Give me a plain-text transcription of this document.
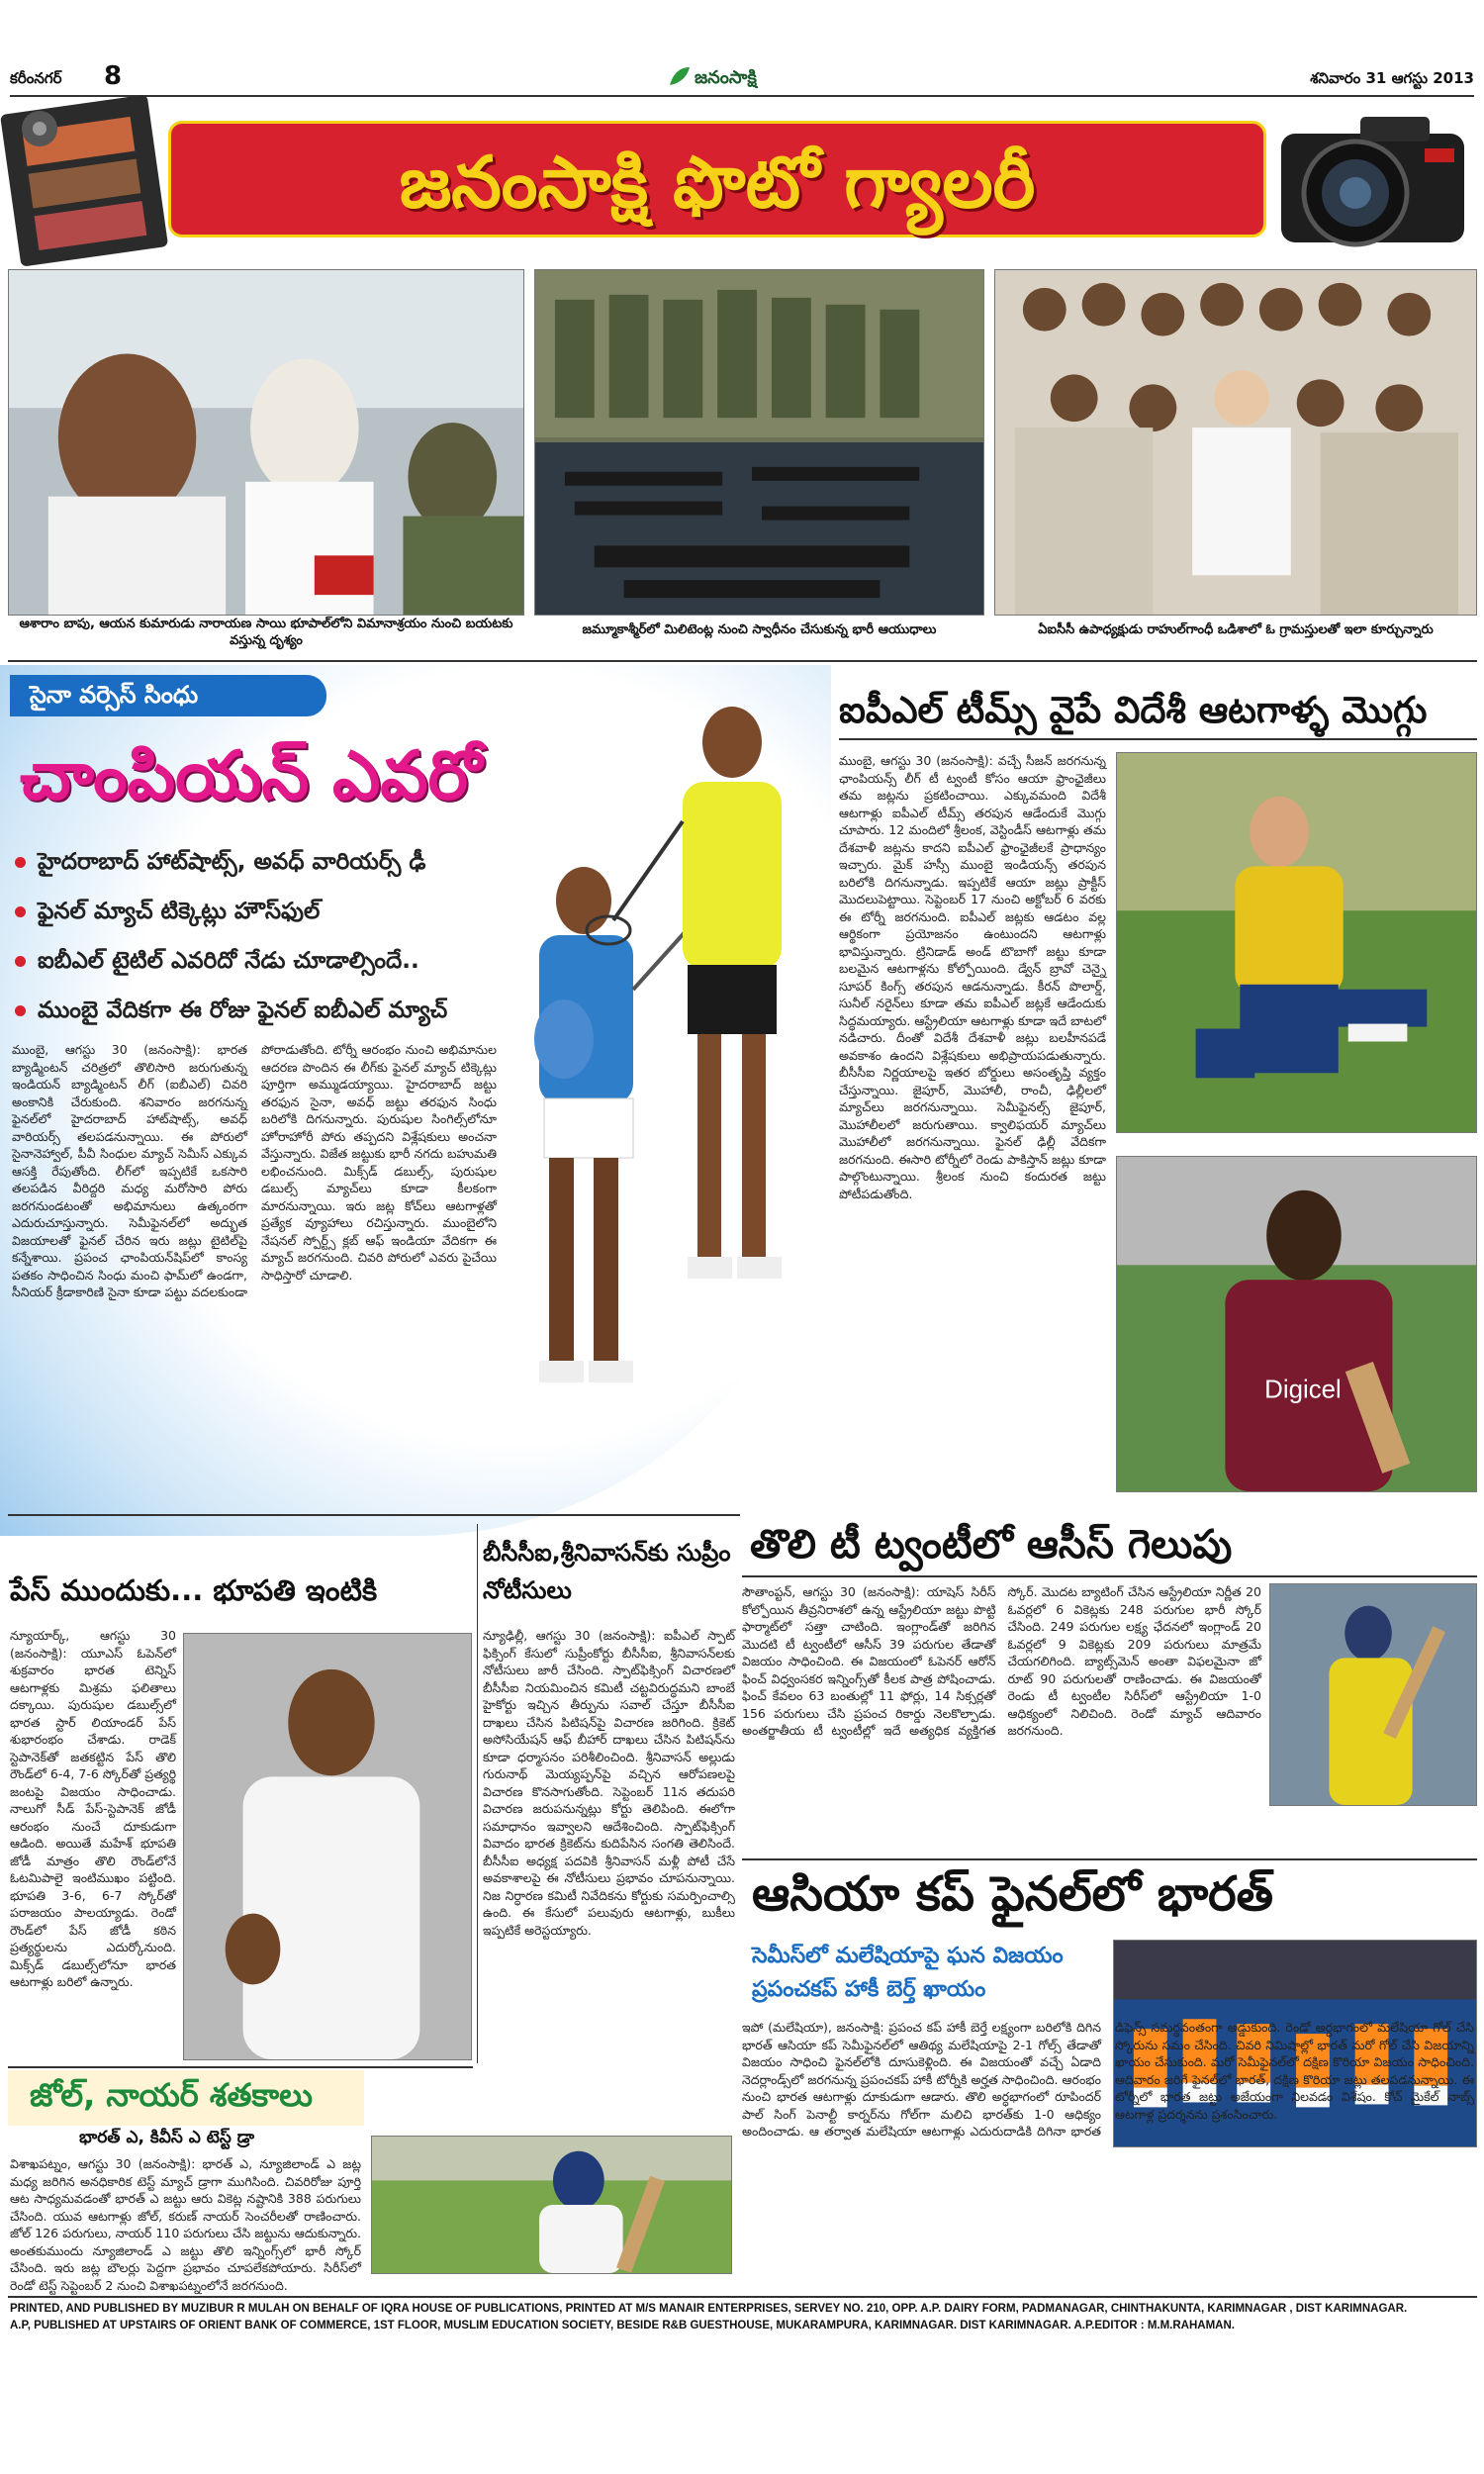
కరీంనగర్ 8	జనంసాక్షి	శనివారం 31 ఆగస్టు 2013
జనంసాక్షి ఫొటో గ్యాలరీ
ఆశారాం బాపు, ఆయన కుమారుడు నారాయణ సాయి భూపాల్‌లోని విమానాశ్రయం నుంచి బయటకు వస్తున్న దృశ్యం
జమ్మూకాశ్మీర్‌లో మిలిటెంట్ల నుంచి స్వాధీనం చేసుకున్న భారీ ఆయుధాలు	ఏఐసీసీ ఉపాధ్యక్షుడు రాహుల్‌గాంధీ ఒడిశాలో ఓ గ్రామస్తులతో ఇలా కూర్చున్నారు
సైనా వర్సెస్ సింధు
చాంపియన్ ఎవరో
హైదరాబాద్ హాట్‌షాట్స్, అవధ్ వారియర్స్ ఢీ
ఫైనల్ మ్యాచ్ టిక్కెట్లు హౌస్‌ఫుల్
ఐబీఎల్ టైటిల్ ఎవరిదో నేడు చూడాల్సిందే..
ముంబై వేదికగా ఈ రోజు ఫైనల్ ఐబీఎల్ మ్యాచ్
ముంబై, ఆగస్టు 30 (జనంసాక్షి): భారత బ్యాడ్మింటన్ చరిత్రలో తొలిసారి జరుగుతున్న ఇండియన్ బ్యాడ్మింటన్ లీగ్ (ఐబీఎల్) చివరి అంకానికి చేరుకుంది. శనివారం జరగనున్న ఫైనల్‌లో హైదరాబాద్ హాట్‌షాట్స్, అవధ్ వారియర్స్ తలపడనున్నాయి. ఈ పోరులో సైనానెహ్వాల్, పీవీ సింధుల మ్యాచ్ సెమీస్ ఎక్కువ ఆసక్తి రేపుతోంది. లీగ్‌లో ఇప్పటికే ఒకసారి తలపడిన వీరిద్దరి మధ్య మరోసారి పోరు జరగనుండటంతో అభిమానులు ఉత్కంఠగా ఎదురుచూస్తున్నారు. సెమీఫైనల్‌లో అద్భుత విజయాలతో ఫైనల్ చేరిన ఇరు జట్లు టైటిల్‌పై కన్నేశాయి. ప్రపంచ ఛాంపియన్‌షిప్‌లో కాంస్య పతకం సాధించిన సింధు మంచి ఫామ్‌లో ఉండగా, సీనియర్ క్రీడాకారిణి సైనా కూడా పట్టు వదలకుండా పోరాడుతోంది. టోర్నీ ఆరంభం నుంచి అభిమానుల ఆదరణ పొందిన ఈ లీగ్‌కు ఫైనల్ మ్యాచ్ టిక్కెట్లు పూర్తిగా అమ్ముడయ్యాయి. హైదరాబాద్ జట్టు తరఫున సైనా, అవధ్ జట్టు తరఫున సింధు బరిలోకి దిగనున్నారు. పురుషుల సింగిల్స్‌లోనూ హోరాహోరీ పోరు తప్పదని విశ్లేషకులు అంచనా వేస్తున్నారు. విజేత జట్టుకు భారీ నగదు బహుమతి లభించనుంది. మిక్స్‌డ్ డబుల్స్, పురుషుల డబుల్స్ మ్యాచ్‌లు కూడా కీలకంగా మారనున్నాయి. ఇరు జట్ల కోచ్‌లు ఆటగాళ్లతో ప్రత్యేక వ్యూహాలు రచిస్తున్నారు. ముంబైలోని నేషనల్ స్పోర్ట్స్ క్లబ్ ఆఫ్ ఇండియా వేదికగా ఈ మ్యాచ్ జరగనుంది. చివరి పోరులో ఎవరు పైచేయి సాధిస్తారో చూడాలి.
ఐపీఎల్ టీమ్స్ వైపే విదేశీ ఆటగాళ్ళ మొగ్గు
ముంబై, ఆగస్టు 30 (జనంసాక్షి): వచ్చే సీజన్ జరగనున్న ఛాంపియన్స్ లీగ్ టీ ట్వంటీ కోసం ఆయా ఫ్రాంఛైజీలు తమ జట్లను ప్రకటించాయి. ఎక్కువమంది విదేశీ ఆటగాళ్లు ఐపీఎల్ టీమ్స్ తరపున ఆడేందుకే మొగ్గు చూపారు. 12 మందిలో శ్రీలంక, వెస్టిండీస్ ఆటగాళ్లు తమ దేశవాళీ జట్లను కాదని ఐపీఎల్ ఫ్రాంఛైజీలకే ప్రాధాన్యం ఇచ్చారు. మైక్ హస్సీ ముంబై ఇండియన్స్ తరపున బరిలోకి దిగనున్నాడు. ఇప్పటికే ఆయా జట్లు ప్రాక్టీస్ మొదలుపెట్టాయి. సెప్టెంబర్ 17 నుంచి అక్టోబర్ 6 వరకు ఈ టోర్నీ జరగనుంది. ఐపీఎల్ జట్లకు ఆడటం వల్ల ఆర్థికంగా ప్రయోజనం ఉంటుందని ఆటగాళ్లు భావిస్తున్నారు. ట్రినిడాడ్ అండ్ టొబాగో జట్టు కూడా బలమైన ఆటగాళ్లను కోల్పోయింది. డ్వేన్ బ్రావో చెన్నై సూపర్ కింగ్స్ తరపున ఆడనున్నాడు. కీరన్ పొలార్డ్, సునీల్ నరైన్‌లు కూడా తమ ఐపీఎల్ జట్లకే ఆడేందుకు సిద్ధమయ్యారు. ఆస్ట్రేలియా ఆటగాళ్లు కూడా ఇదే బాటలో నడిచారు. దీంతో విదేశీ దేశవాళీ జట్లు బలహీనపడే అవకాశం ఉందని విశ్లేషకులు అభిప్రాయపడుతున్నారు. బీసీసీఐ నిర్ణయాలపై ఇతర బోర్డులు అసంతృప్తి వ్యక్తం చేస్తున్నాయి. జైపూర్, మొహాలీ, రాంచీ, ఢిల్లీలలో మ్యాచ్‌లు జరగనున్నాయి. సెమీఫైనల్స్ జైపూర్, మొహాలీలలో జరుగుతాయి. క్వాలిఫయర్ మ్యాచ్‌లు మొహాలీలో జరగనున్నాయి. ఫైనల్ ఢిల్లీ వేదికగా జరగనుంది. ఈసారి టోర్నీలో రెండు పాకిస్తాన్ జట్లు కూడా పాల్గొంటున్నాయి. శ్రీలంక నుంచి కందురత జట్టు పోటీపడుతోంది.
Digicel
పేస్ ముందుకు... భూపతి ఇంటికి
న్యూయార్క్, ఆగస్టు 30 (జనంసాక్షి): యూఎస్ ఓపెన్‌లో శుక్రవారం భారత టెన్నిస్ ఆటగాళ్లకు మిశ్రమ ఫలితాలు దక్కాయి. పురుషుల డబుల్స్‌లో భారత స్టార్ లియాండర్ పేస్ శుభారంభం చేశాడు. రాడెక్ స్టెపానెక్‌తో జతకట్టిన పేస్ తొలి రౌండ్‌లో 6-4, 7-6 స్కోర్‌తో ప్రత్యర్థి జంటపై విజయం సాధించాడు. నాలుగో సీడ్ పేస్-స్టెపానెక్ జోడీ ఆరంభం నుంచే దూకుడుగా ఆడింది. అయితే మహేశ్ భూపతి జోడీ మాత్రం తొలి రౌండ్‌లోనే ఓటమిపాలై ఇంటిముఖం పట్టింది. భూపతి 3-6, 6-7 స్కోర్‌తో పరాజయం పాలయ్యాడు. రెండో రౌండ్‌లో పేస్ జోడీ కఠిన ప్రత్యర్థులను ఎదుర్కోనుంది. మిక్స్‌డ్ డబుల్స్‌లోనూ భారత ఆటగాళ్లు బరిలో ఉన్నారు.
బీసీసీఐ,శ్రీనివాసన్‌కు సుప్రీం నోటీసులు
న్యూఢిల్లీ, ఆగస్టు 30 (జనంసాక్షి): ఐపీఎల్ స్పాట్ ఫిక్సింగ్ కేసులో సుప్రీంకోర్టు బీసీసీఐ, శ్రీనివాసన్‌లకు నోటీసులు జారీ చేసింది. స్పాట్‌ఫిక్సింగ్ విచారణలో బీసీసీఐ నియమించిన కమిటీ చట్టవిరుద్ధమని బాంబే హైకోర్టు ఇచ్చిన తీర్పును సవాల్ చేస్తూ బీసీసీఐ దాఖలు చేసిన పిటిషన్‌పై విచారణ జరిగింది. క్రికెట్ అసోసియేషన్ ఆఫ్ బీహార్ దాఖలు చేసిన పిటిషన్‌ను కూడా ధర్మాసనం పరిశీలించింది. శ్రీనివాసన్ అల్లుడు గురునాథ్ మెయ్యప్పన్‌పై వచ్చిన ఆరోపణలపై విచారణ కొనసాగుతోంది. సెప్టెంబర్ 11న తదుపరి విచారణ జరుపనున్నట్లు కోర్టు తెలిపింది. ఈలోగా సమాధానం ఇవ్వాలని ఆదేశించింది. స్పాట్‌ఫిక్సింగ్ వివాదం భారత క్రికెట్‌ను కుదిపేసిన సంగతి తెలిసిందే. బీసీసీఐ అధ్యక్ష పదవికి శ్రీనివాసన్ మళ్లీ పోటీ చేసే అవకాశాలపై ఈ నోటీసులు ప్రభావం చూపనున్నాయి. నిజ నిర్ధారణ కమిటీ నివేదికను కోర్టుకు సమర్పించాల్సి ఉంది. ఈ కేసులో పలువురు ఆటగాళ్లు, బుకీలు ఇప్పటికే అరెస్టయ్యారు.
తొలి టీ ట్వంటీలో ఆసీస్ గెలుపు
సౌతాంప్టన్, ఆగస్టు 30 (జనంసాక్షి): యాషెస్ సిరీస్ కోల్పోయిన తీవ్రనిరాశలో ఉన్న ఆస్ట్రేలియా జట్టు పొట్టి ఫార్మాట్‌లో సత్తా చాటింది. ఇంగ్లాండ్‌తో జరిగిన మొదటి టీ ట్వంటీలో ఆసీస్ 39 పరుగుల తేడాతో విజయం సాధించింది. ఈ విజయంలో ఓపెనర్ ఆరోన్ ఫించ్ విధ్వంసకర ఇన్నింగ్స్‌తో కీలక పాత్ర పోషించాడు. ఫించ్ కేవలం 63 బంతుల్లో 11 ఫోర్లు, 14 సిక్సర్లతో 156 పరుగులు చేసి ప్రపంచ రికార్డు నెలకొల్పాడు. అంతర్జాతీయ టీ ట్వంటీల్లో ఇదే అత్యధిక వ్యక్తిగత స్కోర్. మొదట బ్యాటింగ్ చేసిన ఆస్ట్రేలియా నిర్ణీత 20 ఓవర్లలో 6 వికెట్లకు 248 పరుగుల భారీ స్కోర్ చేసింది. 249 పరుగుల లక్ష్య ఛేదనలో ఇంగ్లాండ్ 20 ఓవర్లలో 9 వికెట్లకు 209 పరుగులు మాత్రమే చేయగలిగింది. బ్యాట్స్‌మెన్ అంతా విఫలమైనా జో రూట్ 90 పరుగులతో రాణించాడు. ఈ విజయంతో రెండు టీ ట్వంటీల సిరీస్‌లో ఆస్ట్రేలియా 1-0 ఆధిక్యంలో నిలిచింది. రెండో మ్యాచ్ ఆదివారం జరగనుంది.
ఆసియా కప్ ఫైనల్‌లో భారత్
సెమీస్‌లో మలేషియాపై ఘన విజయం
ప్రపంచకప్ హాకీ బెర్త్ ఖాయం
ఇపో (మలేషియా), జనంసాక్షి: ప్రపంచ కప్ హాకీ బెర్తే లక్ష్యంగా బరిలోకి దిగిన భారత్ ఆసియా కప్ సెమీఫైనల్‌లో ఆతిథ్య మలేషియాపై 2-1 గోల్స్ తేడాతో విజయం సాధించి ఫైనల్‌లోకి దూసుకెళ్లింది. ఈ విజయంతో వచ్చే ఏడాది నెదర్లాండ్స్‌లో జరగనున్న ప్రపంచకప్ హాకీ టోర్నీకి అర్హత సాధించింది. ఆరంభం నుంచి భారత ఆటగాళ్లు దూకుడుగా ఆడారు. తొలి అర్ధభాగంలో రూపిందర్ పాల్ సింగ్ పెనాల్టీ కార్నర్‌ను గోల్‌గా మలిచి భారత్‌కు 1-0 ఆధిక్యం అందించాడు. ఆ తర్వాత మలేషియా ఆటగాళ్లు ఎదురుదాడికి దిగినా భారత డిఫెన్స్ సమర్థవంతంగా అడ్డుకుంది. రెండో అర్ధభాగంలో మలేషియా గోల్ చేసి స్కోరును సమం చేసింది. చివరి నిమిషాల్లో భారత్ మరో గోల్ చేసి విజయాన్ని ఖాయం చేసుకుంది. మరో సెమీఫైనల్‌లో దక్షిణ కొరియా విజయం సాధించింది. ఆదివారం జరిగే ఫైనల్‌లో భారత్, దక్షిణ కొరియా జట్లు తలపడనున్నాయి. ఈ టోర్నీలో భారత జట్టు అజేయంగా నిలవడం విశేషం. కోచ్ మైకేల్ నాబ్స్ ఆటగాళ్ల ప్రదర్శనను ప్రశంసించారు.
జోల్, నాయర్ శతకాలు
భారత్ ఎ, కివీస్ ఎ టెస్ట్ డ్రా
విశాఖపట్నం, ఆగస్టు 30 (జనంసాక్షి): భారత్ ఎ, న్యూజిలాండ్ ఎ జట్ల మధ్య జరిగిన అనధికారిక టెస్ట్ మ్యాచ్ డ్రాగా ముగిసింది. చివరిరోజు పూర్తి ఆట సాధ్యమవడంతో భారత్ ఎ జట్టు ఆరు వికెట్ల నష్టానికి 388 పరుగులు చేసింది. యువ ఆటగాళ్లు జోల్, కరుణ్ నాయర్ సెంచరీలతో రాణించారు. జోల్ 126 పరుగులు, నాయర్ 110 పరుగులు చేసి జట్టును ఆదుకున్నారు. అంతకుముందు న్యూజిలాండ్ ఎ జట్టు తొలి ఇన్నింగ్స్‌లో భారీ స్కోర్ చేసింది. ఇరు జట్ల బౌలర్లు పెద్దగా ప్రభావం చూపలేకపోయారు. సిరీస్‌లో రెండో టెస్ట్ సెప్టెంబర్ 2 నుంచి విశాఖపట్నంలోనే జరగనుంది.
PRINTED, AND PUBLISHED BY MUZIBUR R MULAH ON BEHALF OF IQRA HOUSE OF PUBLICATIONS, PRINTED AT M/S MANAIR ENTERPRISES, SERVEY NO. 210, OPP. A.P. DAIRY FORM, PADMANAGAR, CHINTHAKUNTA, KARIMNAGAR , DIST KARIMNAGAR.
A.P, PUBLISHED AT UPSTAIRS OF ORIENT BANK OF COMMERCE, 1ST FLOOR, MUSLIM EDUCATION SOCIETY, BESIDE R&B GUESTHOUSE, MUKARAMPURA, KARIMNAGAR. DIST KARIMNAGAR. A.P.EDITOR : M.M.RAHAMAN.
